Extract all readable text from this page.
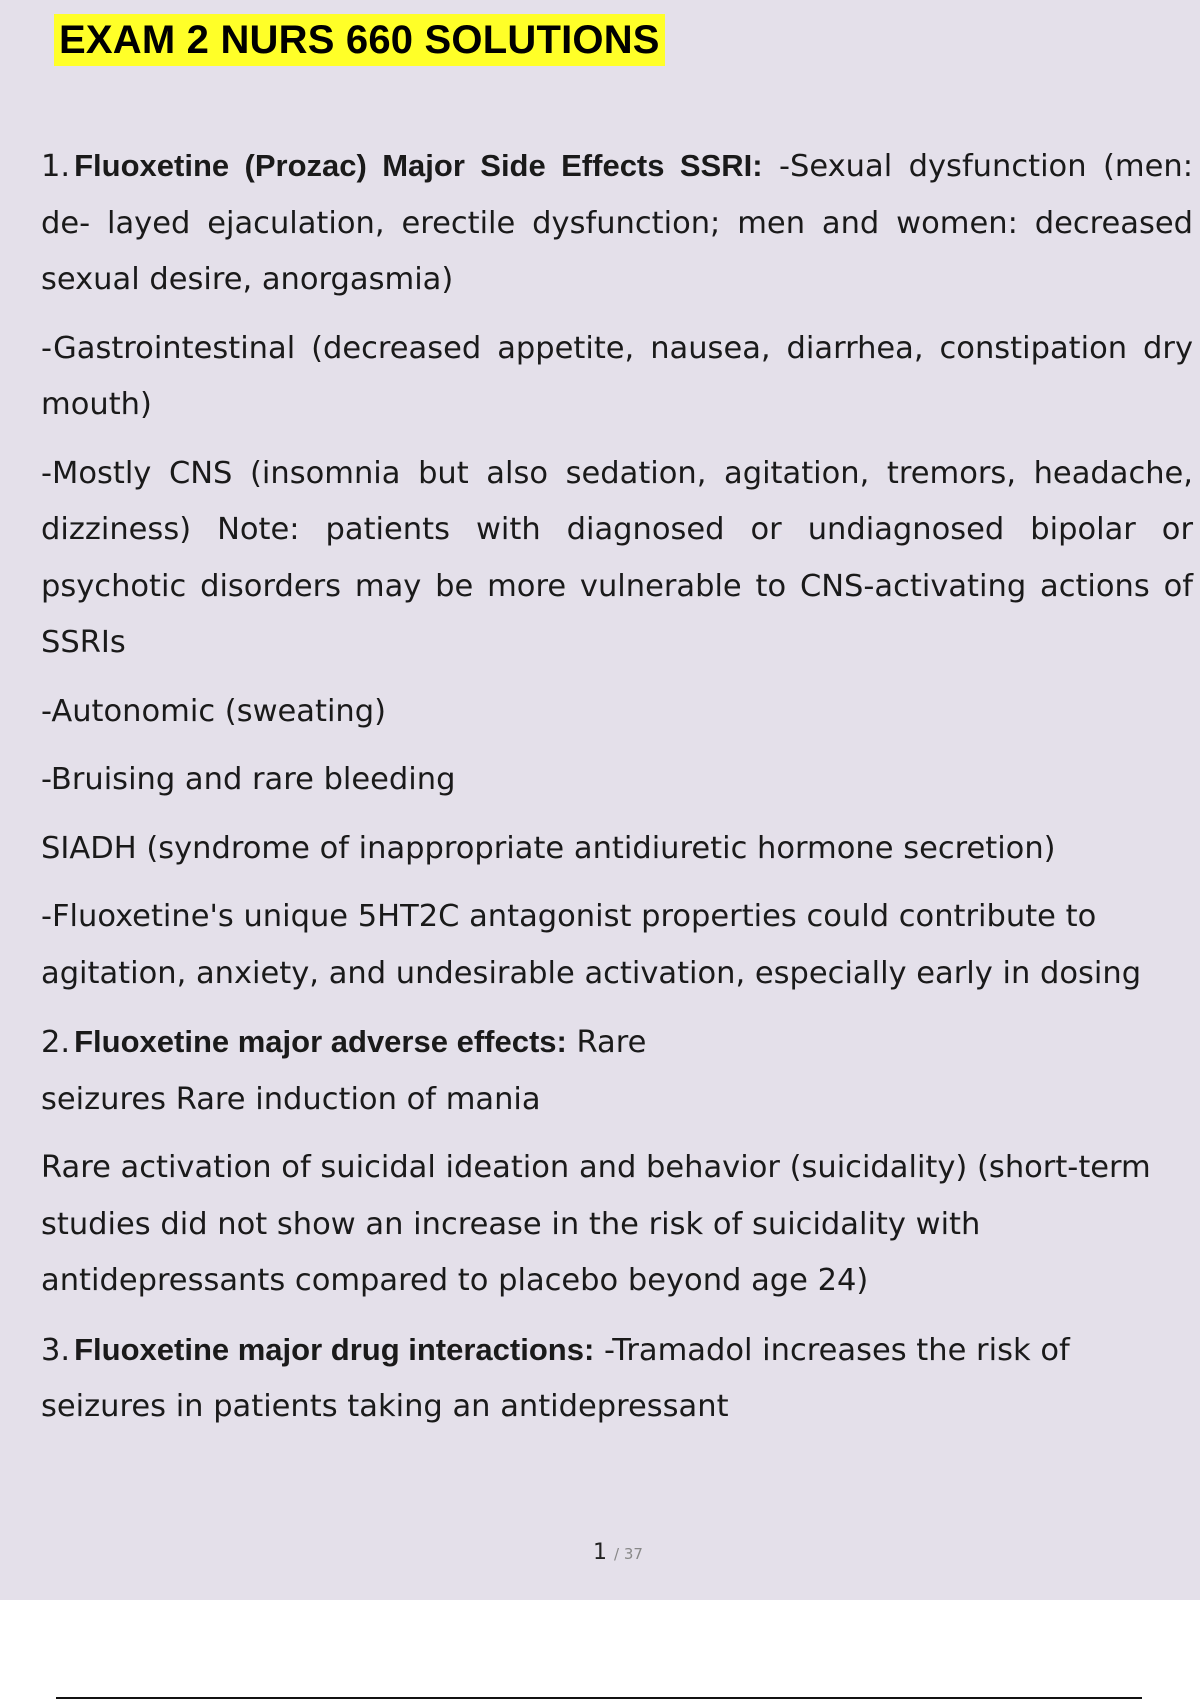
EXAM 2 NURS 660 SOLUTIONS

1. Fluoxetine (Prozac) Major Side Effects SSRI: -Sexual dysfunction (men: de- layed ejaculation, erectile dysfunction; men and women: decreased sexual desire, anorgasmia)

-Gastrointestinal (decreased appetite, nausea, diarrhea, constipation dry mouth)

-Mostly CNS (insomnia but also sedation, agitation, tremors, headache, dizziness) Note: patients with diagnosed or undiagnosed bipolar or psychotic disorders may be more vulnerable to CNS-activating actions of SSRIs

-Autonomic (sweating)

-Bruising and rare bleeding

SIADH (syndrome of inappropriate antidiuretic hormone secretion)

-Fluoxetine's unique 5HT2C antagonist properties could contribute to agitation, anxiety, and undesirable activation, especially early in dosing

2. Fluoxetine major adverse effects: Rare
seizures Rare induction of mania

Rare activation of suicidal ideation and behavior (suicidality) (short-term studies did not show an increase in the risk of suicidality with antidepressants compared to placebo beyond age 24)

3. Fluoxetine major drug interactions: -Tramadol increases the risk of seizures in patients taking an antidepressant

1 / 37
